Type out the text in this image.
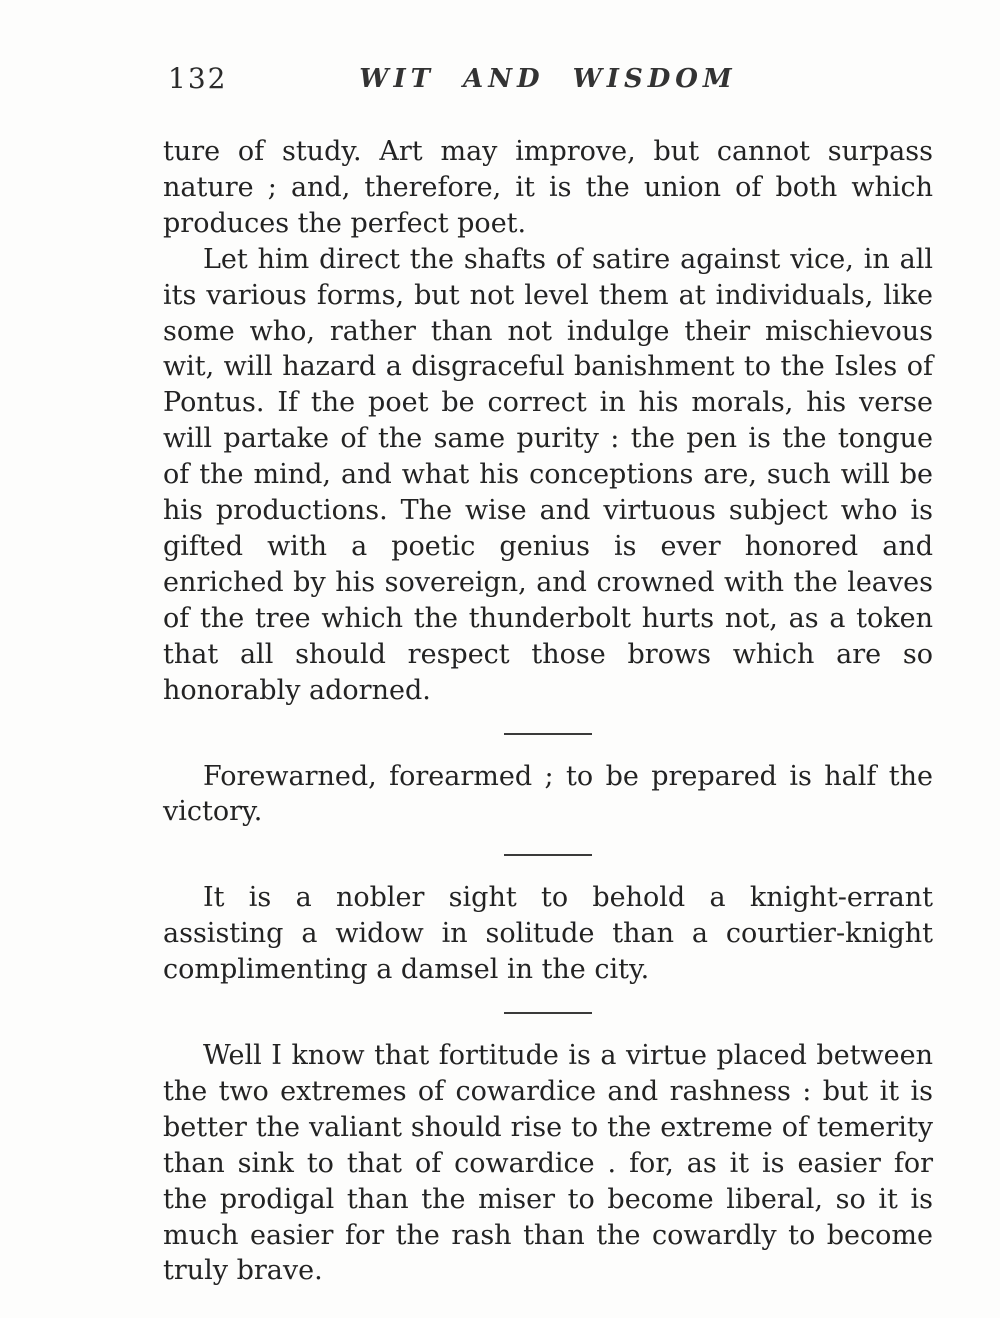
132	WIT AND WISDOM

ture of study. Art may improve, but cannot surpass nature ; and, therefore, it is the union of both which produces the perfect poet.

Let him direct the shafts of satire against vice, in all its various forms, but not level them at individuals, like some who, rather than not indulge their mischievous wit, will hazard a disgraceful banishment to the Isles of Pontus. If the poet be correct in his morals, his verse will partake of the same purity : the pen is the tongue of the mind, and what his conceptions are, such will be his productions. The wise and virtuous subject who is gifted with a poetic genius is ever honored and enriched by his sovereign, and crowned with the leaves of the tree which the thunderbolt hurts not, as a token that all should respect those brows which are so honorably adorned.

Forewarned, forearmed ; to be prepared is half the victory.

It is a nobler sight to behold a knight-errant assisting a widow in solitude than a courtier-knight complimenting a damsel in the city.

Well I know that fortitude is a virtue placed between the two extremes of cowardice and rashness : but it is better the valiant should rise to the extreme of temerity than sink to that of cowardice . for, as it is easier for the prodigal than the miser to become liberal, so it is much easier for the rash than the cowardly to become truly brave.
